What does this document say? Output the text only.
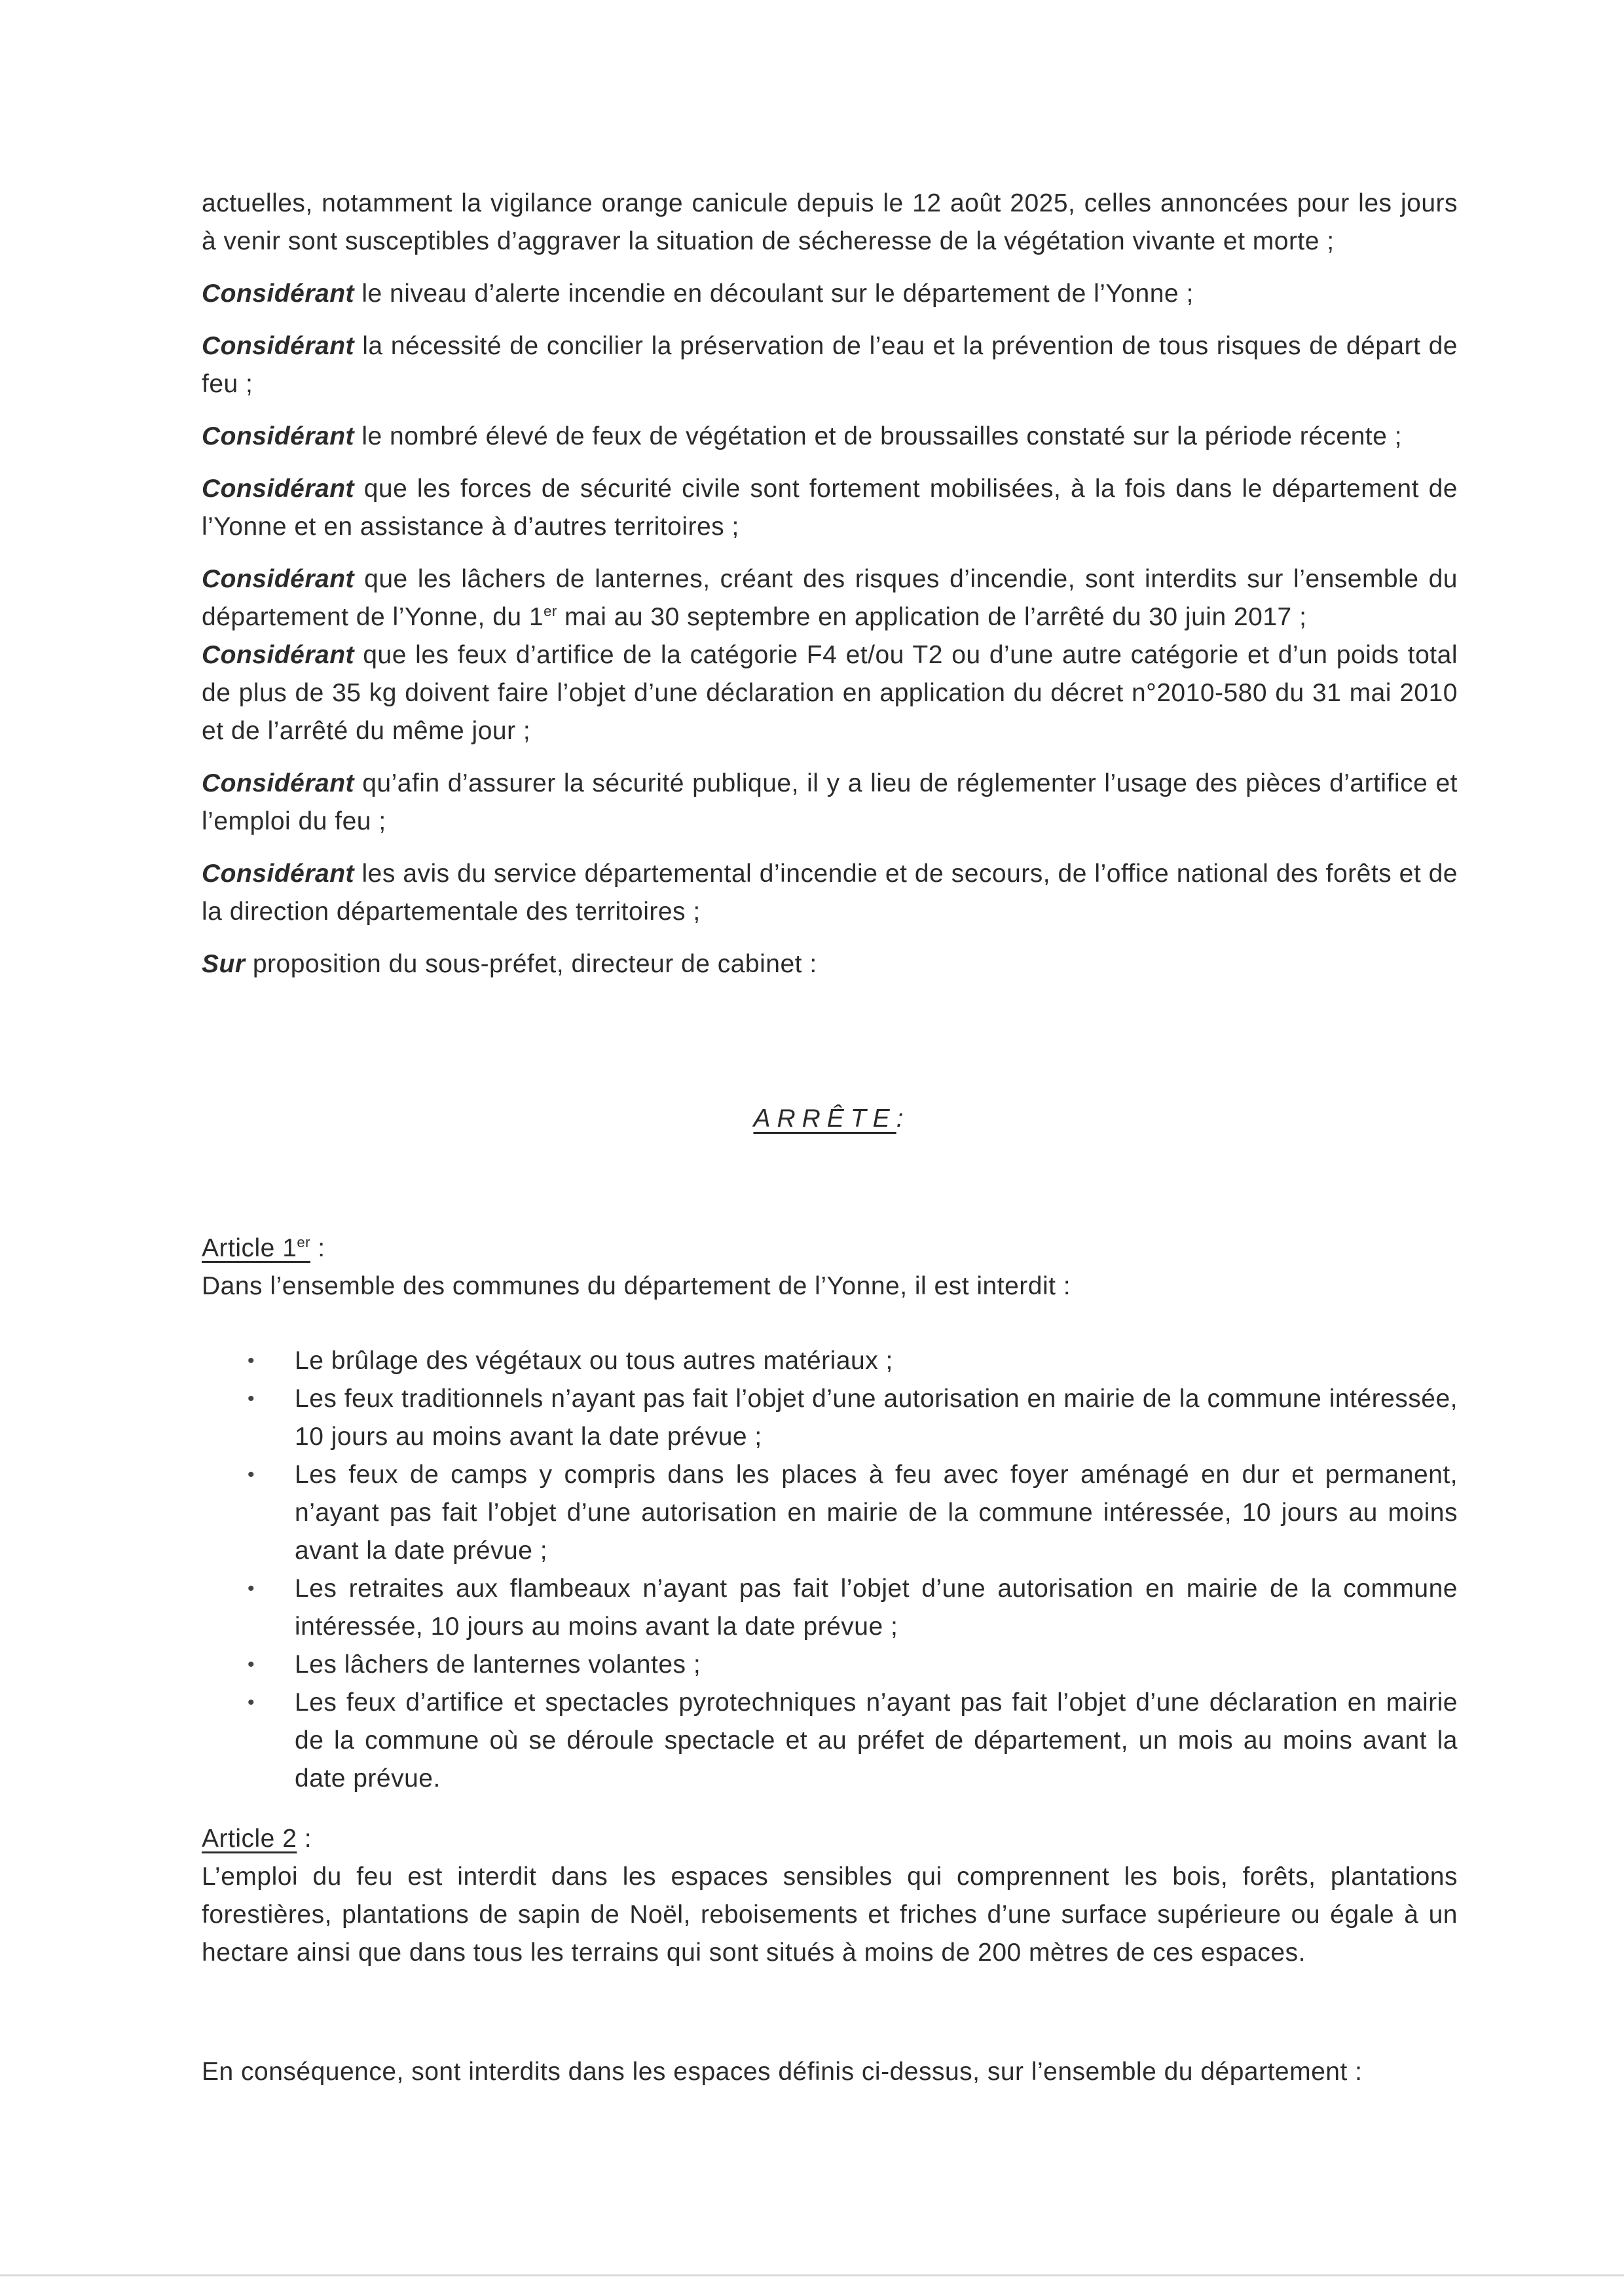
actuelles, notamment la vigilance orange canicule depuis le 12 août 2025, celles annoncées pour les jours à venir sont susceptibles d’aggraver la situation de sécheresse de la végétation vivante et morte ;

Considérant le niveau d’alerte incendie en découlant sur le département de l’Yonne ;

Considérant la nécessité de concilier la préservation de l’eau et la prévention de tous risques de départ de feu ;

Considérant le nombré élevé de feux de végétation et de broussailles constaté sur la période récente ;

Considérant que les forces de sécurité civile sont fortement mobilisées, à la fois dans le département de l’Yonne et en assistance à d’autres territoires ;

Considérant que les lâchers de lanternes, créant des risques d’incendie, sont interdits sur l’ensemble du département de l’Yonne, du 1er mai au 30 septembre en application de l’arrêté du 30 juin 2017 ;

Considérant que les feux d’artifice de la catégorie F4 et/ou T2 ou d’une autre catégorie et d’un poids total de plus de 35 kg doivent faire l’objet d’une déclaration en application du décret n°2010-580 du 31 mai 2010 et de l’arrêté du même jour ;

Considérant qu’afin d’assurer la sécurité publique, il y a lieu de réglementer l’usage des pièces d’artifice et l’emploi du feu ;

Considérant les avis du service départemental d’incendie et de secours, de l’office national des forêts et de la direction départementale des territoires ;

Sur proposition du sous-préfet, directeur de cabinet :

ARRÊTE:
Article 1er :
Dans l’ensemble des communes du département de l’Yonne, il est interdit :
• Le brûlage des végétaux ou tous autres matériaux ;
• Les feux traditionnels n’ayant pas fait l’objet d’une autorisation en mairie de la commune intéressée, 10 jours au moins avant la date prévue ;
• Les feux de camps y compris dans les places à feu avec foyer aménagé en dur et permanent, n’ayant pas fait l’objet d’une autorisation en mairie de la commune intéressée, 10 jours au moins avant la date prévue ;
• Les retraites aux flambeaux n’ayant pas fait l’objet d’une autorisation en mairie de la commune intéressée, 10 jours au moins avant la date prévue ;
• Les lâchers de lanternes volantes ;
• Les feux d’artifice et spectacles pyrotechniques n’ayant pas fait l’objet d’une déclaration en mairie de la commune où se déroule spectacle et au préfet de département, un mois au moins avant la date prévue.
Article 2 :
L’emploi du feu est interdit dans les espaces sensibles qui comprennent les bois, forêts, plantations forestières, plantations de sapin de Noël, reboisements et friches d’une surface supérieure ou égale à un hectare ainsi que dans tous les terrains qui sont situés à moins de 200 mètres de ces espaces.
En conséquence, sont interdits dans les espaces définis ci-dessus, sur l’ensemble du département :
